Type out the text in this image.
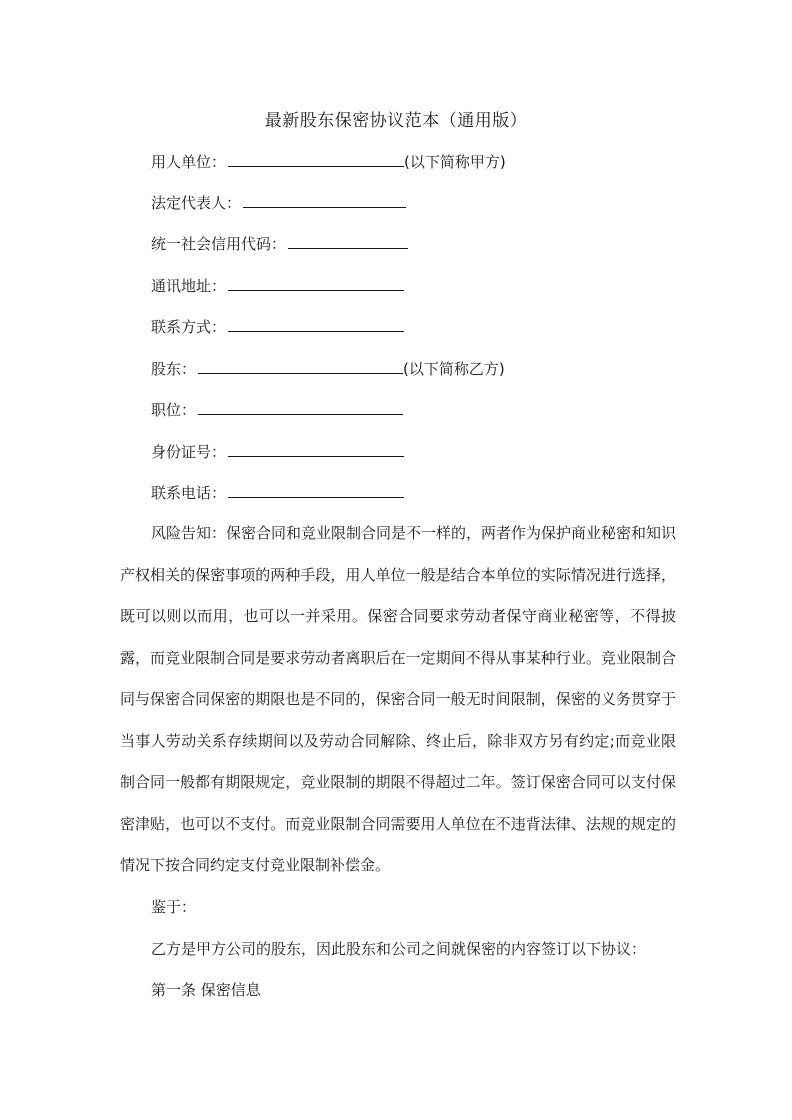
最新股东保密协议范本（通用版）
用人单位：	(以下简称甲方)
法定代表人：
统一社会信用代码：
通讯地址：
联系方式：
股东：	(以下简称乙方)
职位：
身份证号：
联系电话：
风险告知：保密合同和竞业限制合同是不一样的，两者作为保护商业秘密和知识产权相关的保密事项的两种手段，用人单位一般是结合本单位的实际情况进行选择，既可以则以而用，也可以一并采用。保密合同要求劳动者保守商业秘密等，不得披露，而竞业限制合同是要求劳动者离职后在一定期间不得从事某种行业。竞业限制合同与保密合同保密的期限也是不同的，保密合同一般无时间限制，保密的义务贯穿于当事人劳动关系存续期间以及劳动合同解除、终止后，除非双方另有约定;而竞业限制合同一般都有期限规定，竞业限制的期限不得超过二年。签订保密合同可以支付保密津贴，也可以不支付。而竞业限制合同需要用人单位在不违背法律、法规的规定的情况下按合同约定支付竞业限制补偿金。
鉴于：
乙方是甲方公司的股东，因此股东和公司之间就保密的内容签订以下协议：
第一条 保密信息
